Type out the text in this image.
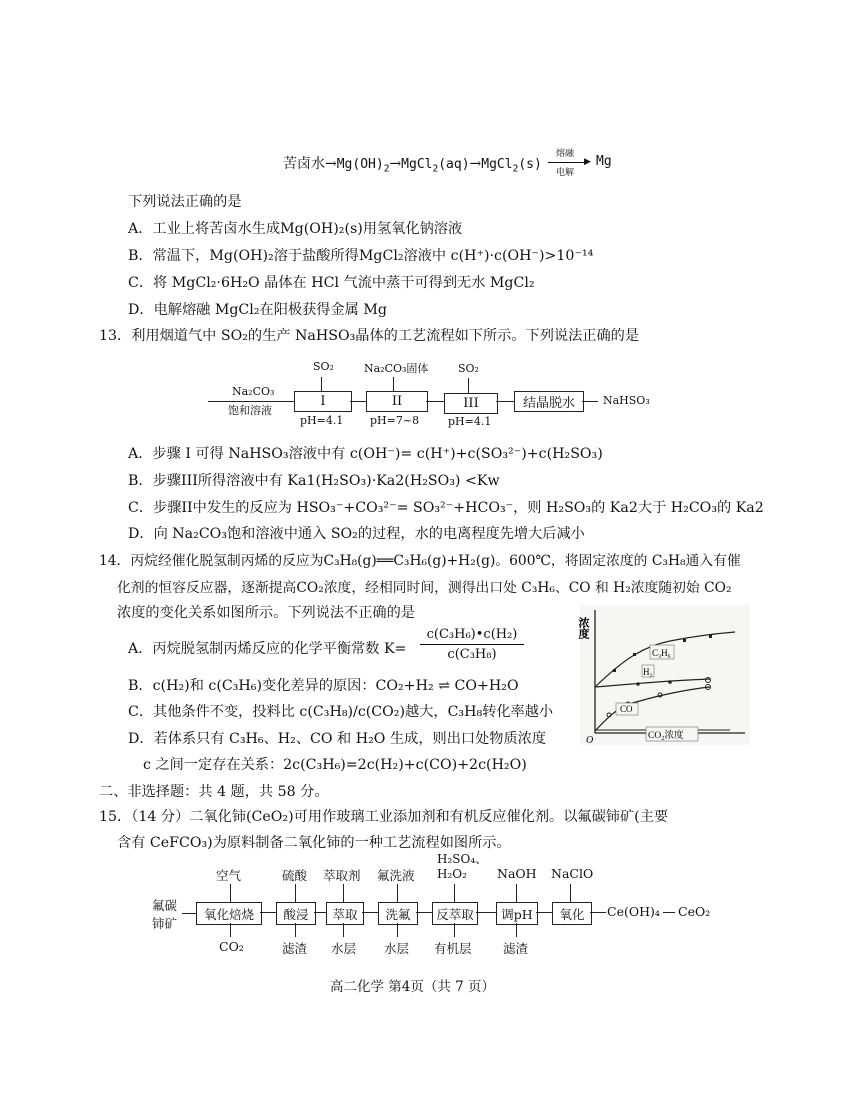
苦卤水$\to Mg(OH)_2\to MgCl_2(aq)\to MgCl_2(s)$
熔融
▶
电解
Mg
下列说法正确的是
A．工业上将苦卤水生成Mg(OH)₂(s)用氢氧化钠溶液
B．常温下，Mg(OH)₂溶于盐酸所得MgCl₂溶液中 c(H⁺)·c(OH⁻)>10⁻¹⁴
C．将 MgCl₂·6H₂O 晶体在 HCl 气流中蒸干可得到无水 MgCl₂
D．电解熔融 MgCl₂在阳极获得金属 Mg
13．利用烟道气中 SO₂的生产 NaHSO₃晶体的工艺流程如下所示。下列说法正确的是
Na₂CO₃
饱和溶液
SO₂
I
pH=4.1
Na₂CO₃固体
II
pH=7~8
SO₂
III
pH=4.1
结晶脱水	NaHSO₃
A．步骤 I 可得 NaHSO₃溶液中有 c(OH⁻)= c(H⁺)+c(SO₃²⁻)+c(H₂SO₃)
B．步骤III所得溶液中有 Ka1(H₂SO₃)·Ka2(H₂SO₃) <Kw
C．步骤II中发生的反应为 HSO₃⁻+CO₃²⁻= SO₃²⁻+HCO₃⁻，则 H₂SO₃的 Ka2大于 H₂CO₃的 Ka2
D．向 Na₂CO₃饱和溶液中通入 SO₂的过程，水的电离程度先增大后减小
14．丙烷经催化脱氢制丙烯的反应为C₃H₈(g)══C₃H₆(g)+H₂(g)。600℃，将固定浓度的 C₃H₈通入有催
化剂的恒容反应器，逐渐提高CO₂浓度，经相同时间，测得出口处 C₃H₆、CO 和 H₂浓度随初始 CO₂
浓度的变化关系如图所示。下列说法不正确的是
A．丙烷脱氢制丙烯反应的化学平衡常数 K=
c(C₃H₆)•c(H₂)
c(C₃H₈)
B．c(H₂)和 c(C₃H₆)变化差异的原因：CO₂+H₂ ⇌ CO+H₂O
C．其他条件不变，投料比 c(C₃H₈)/c(CO₂)越大，C₃H₈转化率越小
D．若体系只有 C₃H₆、H₂、CO 和 H₂O 生成，则出口处物质浓度
c 之间一定存在关系：2c(C₃H₆)=2c(H₂)+c(CO)+2c(H₂O)
C₃H₆
H₂
CO
浓度
O	CO₂浓度
二、非选择题：共 4 题，共 58 分。
15．（14 分）二氧化铈(CeO₂)可用作玻璃工业添加剂和有机反应催化剂。以氟碳铈矿(主要
含有 CeFCO₃)为原料制备二氧化铈的一种工艺流程如图所示。
氟碳
铈矿
空气	硫酸 萃取剂 氟洗液
H₂SO₄、
H₂O₂ NaOH NaClO
氧化焙烧 酸浸 萃取 洗氟 反萃取 调pH 氧化 Ce(OH)₄ CeO₂
CO₂	滤渣 水层 水层 有机层	滤渣
高二化学 第4页（共 7 页）
